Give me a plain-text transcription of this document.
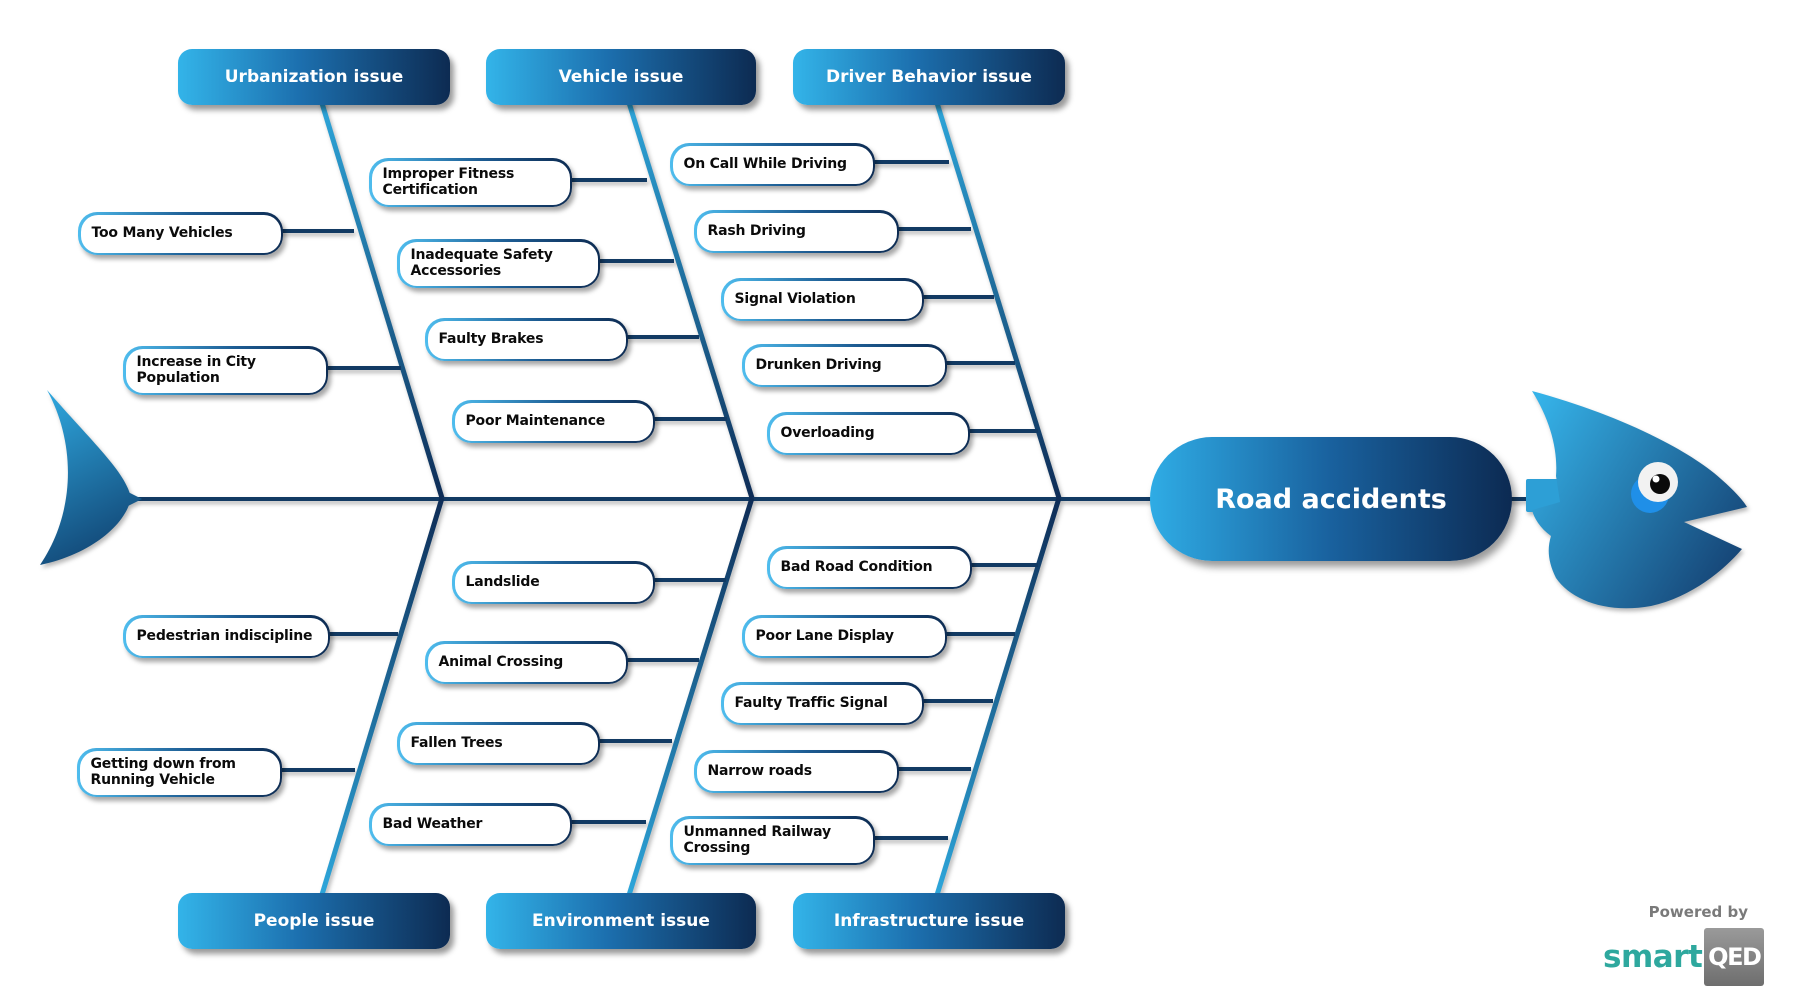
Urbanization issue	Vehicle issue	Driver Behavior issue
People issue	Environment issue	Infrastructure issue
Too Many Vehicles
Increase in City Population
Improper Fitness Certification
Inadequate Safety Accessories
Faulty Brakes
Poor Maintenance
On Call While Driving
Rash Driving
Signal Violation
Drunken Driving
Overloading
Pedestrian indiscipline
Getting down from Running Vehicle
Landslide
Animal Crossing
Fallen Trees
Bad Weather
Bad Road Condition
Poor Lane Display
Faulty Traffic Signal
Narrow roads
Unmanned Railway Crossing
Road accidents
Powered by
smart QED
